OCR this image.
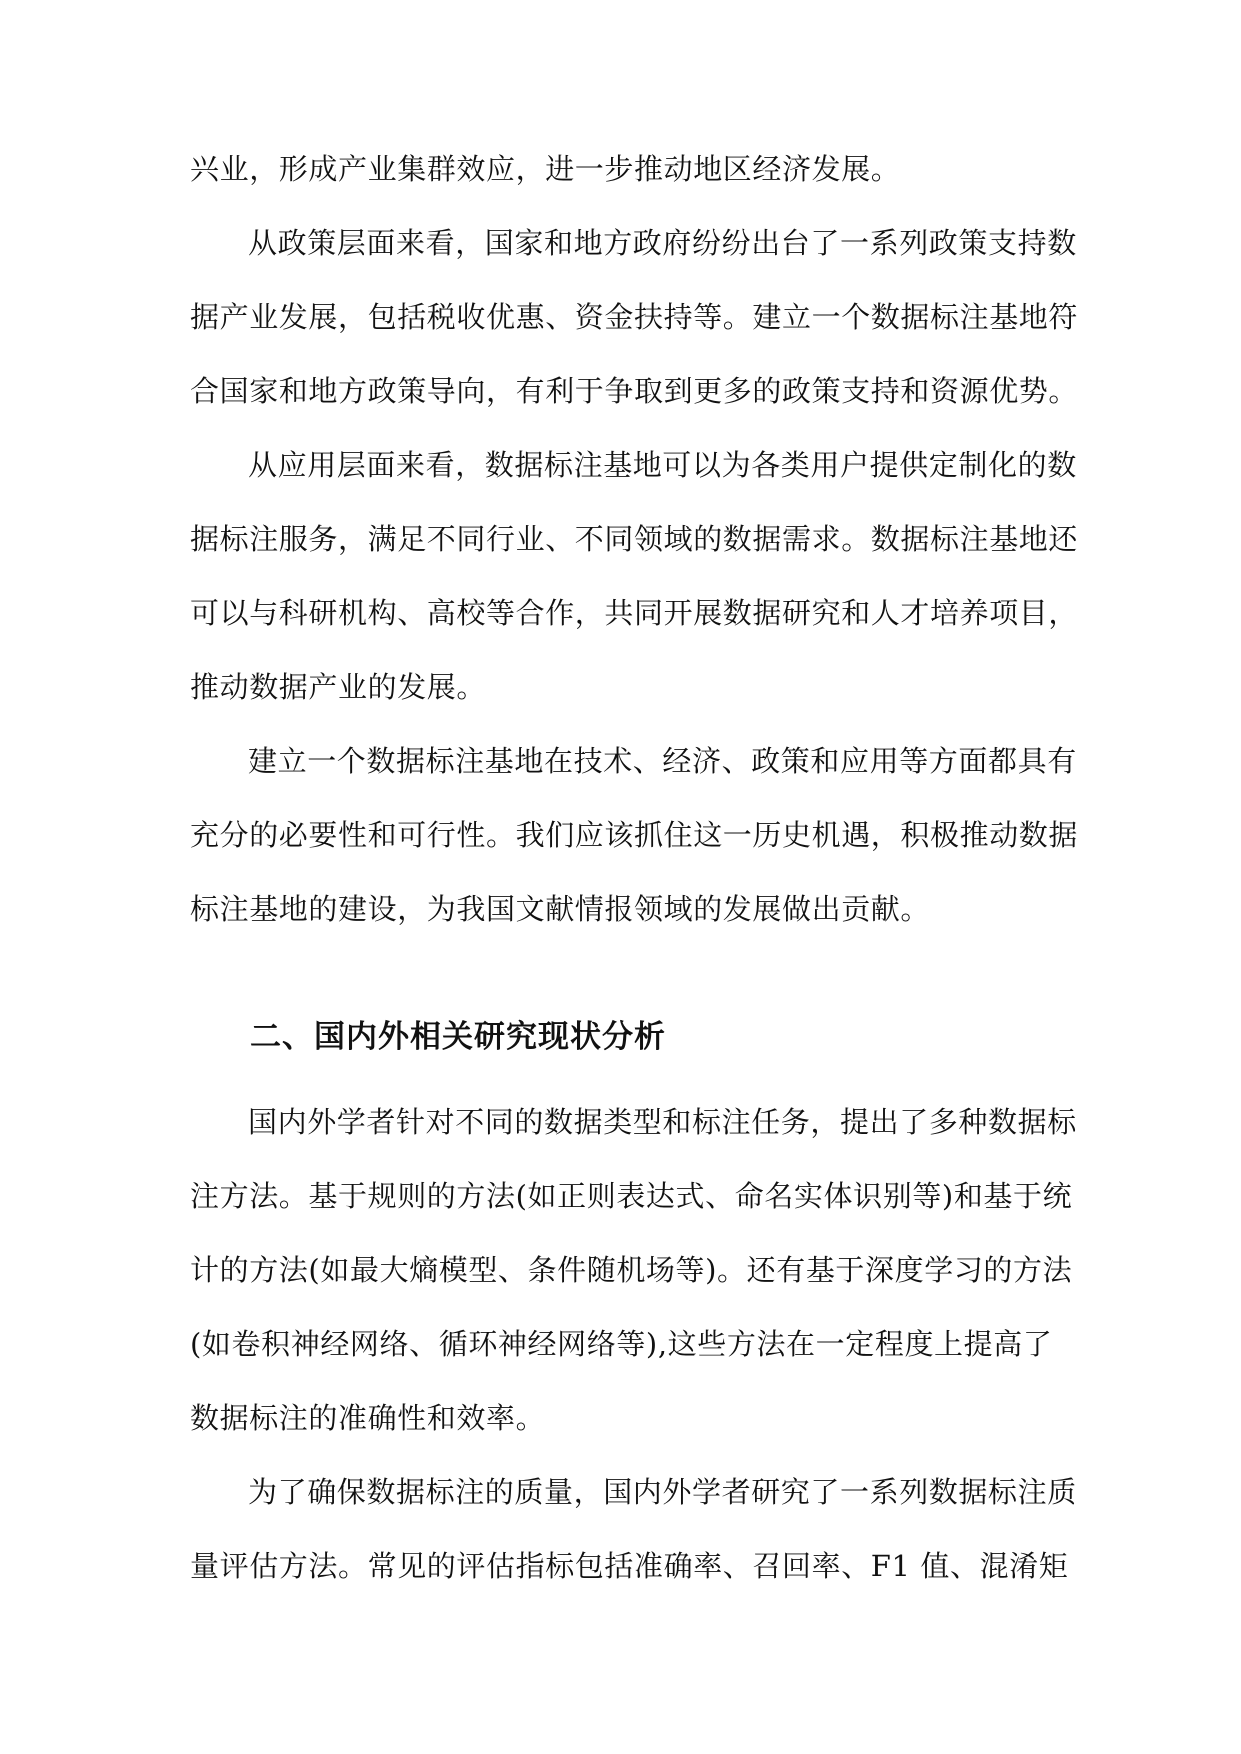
兴业，形成产业集群效应，进一步推动地区经济发展。
从政策层面来看，国家和地方政府纷纷出台了一系列政策支持数
据产业发展，包括税收优惠、资金扶持等。建立一个数据标注基地符
合国家和地方政策导向，有利于争取到更多的政策支持和资源优势。
从应用层面来看，数据标注基地可以为各类用户提供定制化的数
据标注服务，满足不同行业、不同领域的数据需求。数据标注基地还
可以与科研机构、高校等合作，共同开展数据研究和人才培养项目，
推动数据产业的发展。
建立一个数据标注基地在技术、经济、政策和应用等方面都具有
充分的必要性和可行性。我们应该抓住这一历史机遇，积极推动数据
标注基地的建设，为我国文献情报领域的发展做出贡献。
二、国内外相关研究现状分析
国内外学者针对不同的数据类型和标注任务，提出了多种数据标
注方法。基于规则的方法(如正则表达式、命名实体识别等)和基于统
计的方法(如最大熵模型、条件随机场等)。还有基于深度学习的方法
(如卷积神经网络、循环神经网络等),这些方法在一定程度上提高了
数据标注的准确性和效率。
为了确保数据标注的质量，国内外学者研究了一系列数据标注质
量评估方法。常见的评估指标包括准确率、召回率、F1 值、混淆矩
